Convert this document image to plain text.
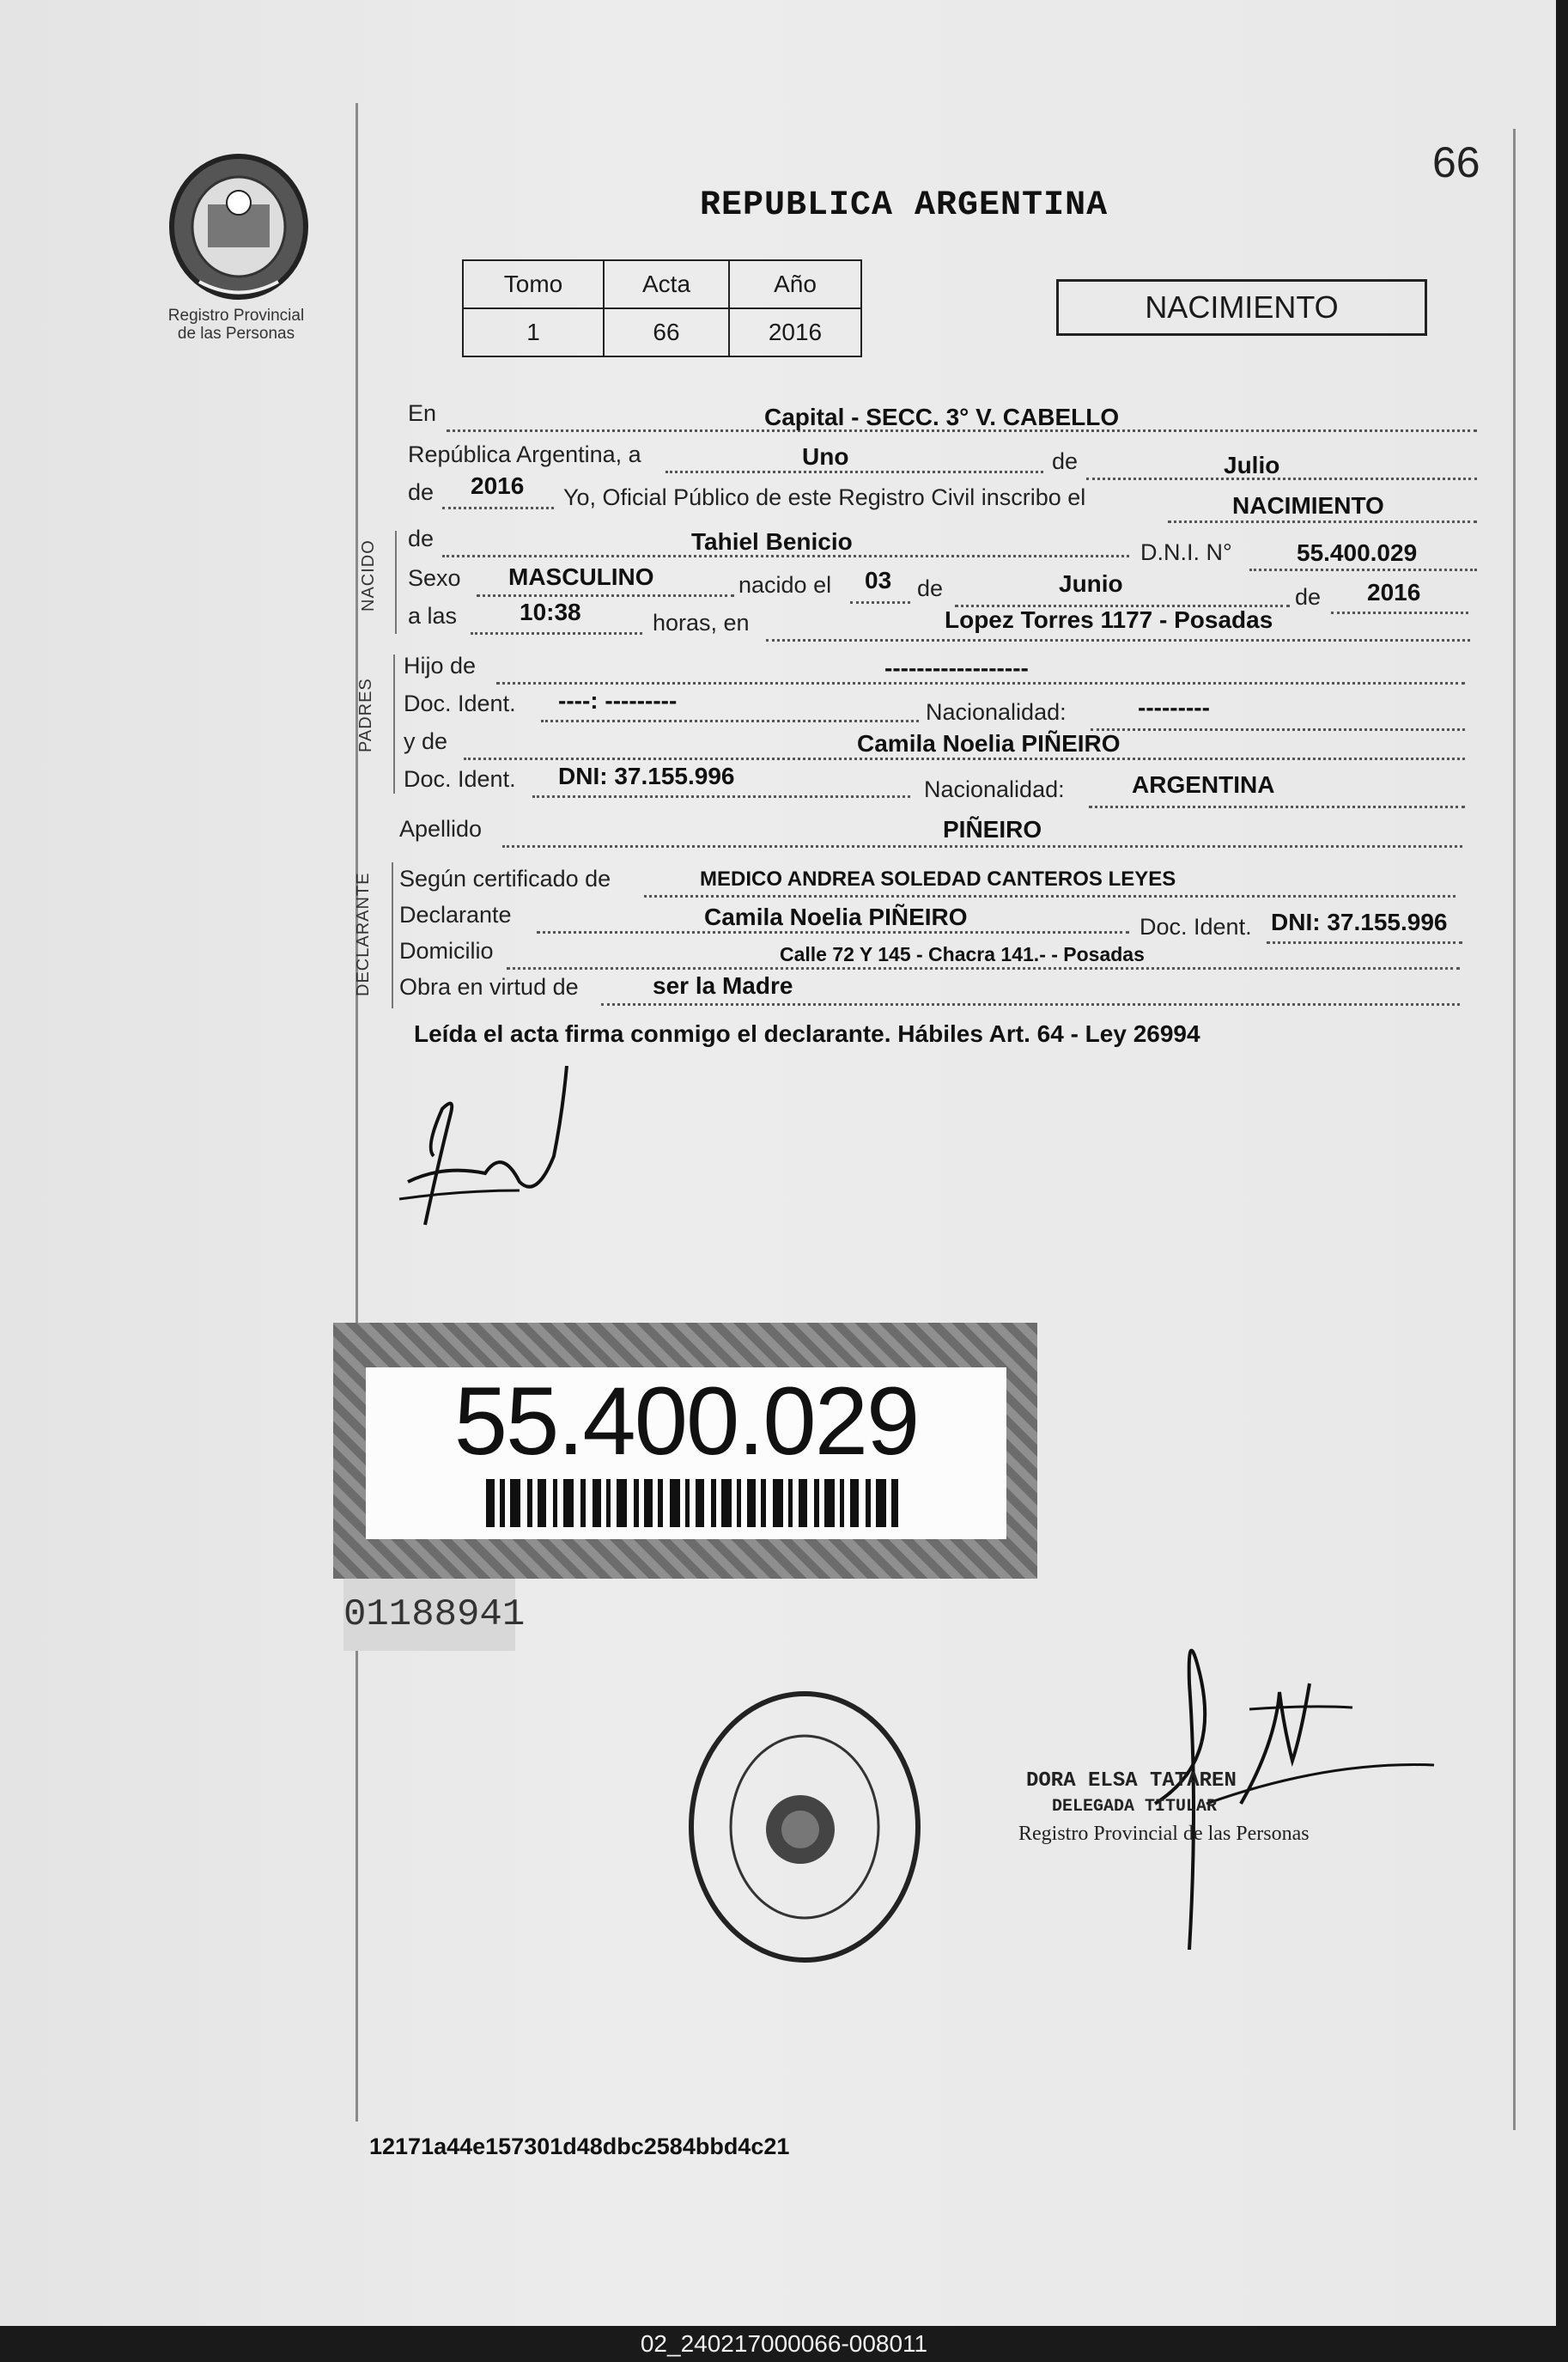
66
Registro Provincial
de las Personas
REPUBLICA ARGENTINA
Tomo	Acta	Año
1	66	2016
NACIMIENTO
En	Capital - SECC. 3° V. CABELLO
República Argentina, a	Uno	de	Julio
de 2016 Yo, Oficial Público de este Registro Civil inscribo el	NACIMIENTO
NACIDO
de	Tahiel Benicio	D.N.I. N°	55.400.029
Sexo MASCULINO	nacido el 03 de	Junio	de 2016
a las	10:38	horas, en	Lopez Torres 1177 - Posadas
PADRES
Hijo de	------------------
Doc. Ident. ----: ---------	Nacionalidad:	---------
y de	Camila Noelia PIÑEIRO
Doc. Ident. DNI: 37.155.996	Nacionalidad:	ARGENTINA
Apellido	PIÑEIRO
DECLARANTE Según certificado de	MEDICO ANDREA SOLEDAD CANTEROS LEYES
Declarante	Camila Noelia PIÑEIRO	Doc. Ident. DNI: 37.155.996
Domicilio	Calle 72 Y 145 - Chacra 141.- - Posadas
Obra en virtud de	ser la Madre
Leída el acta firma conmigo el declarante. Hábiles Art. 64 - Ley 26994
55.400.029
01188941
DORA ELSA TATAREN
DELEGADA TITULAR
Registro Provincial de las Personas
12171a44e157301d48dbc2584bbd4c21
02_240217000066-008011
